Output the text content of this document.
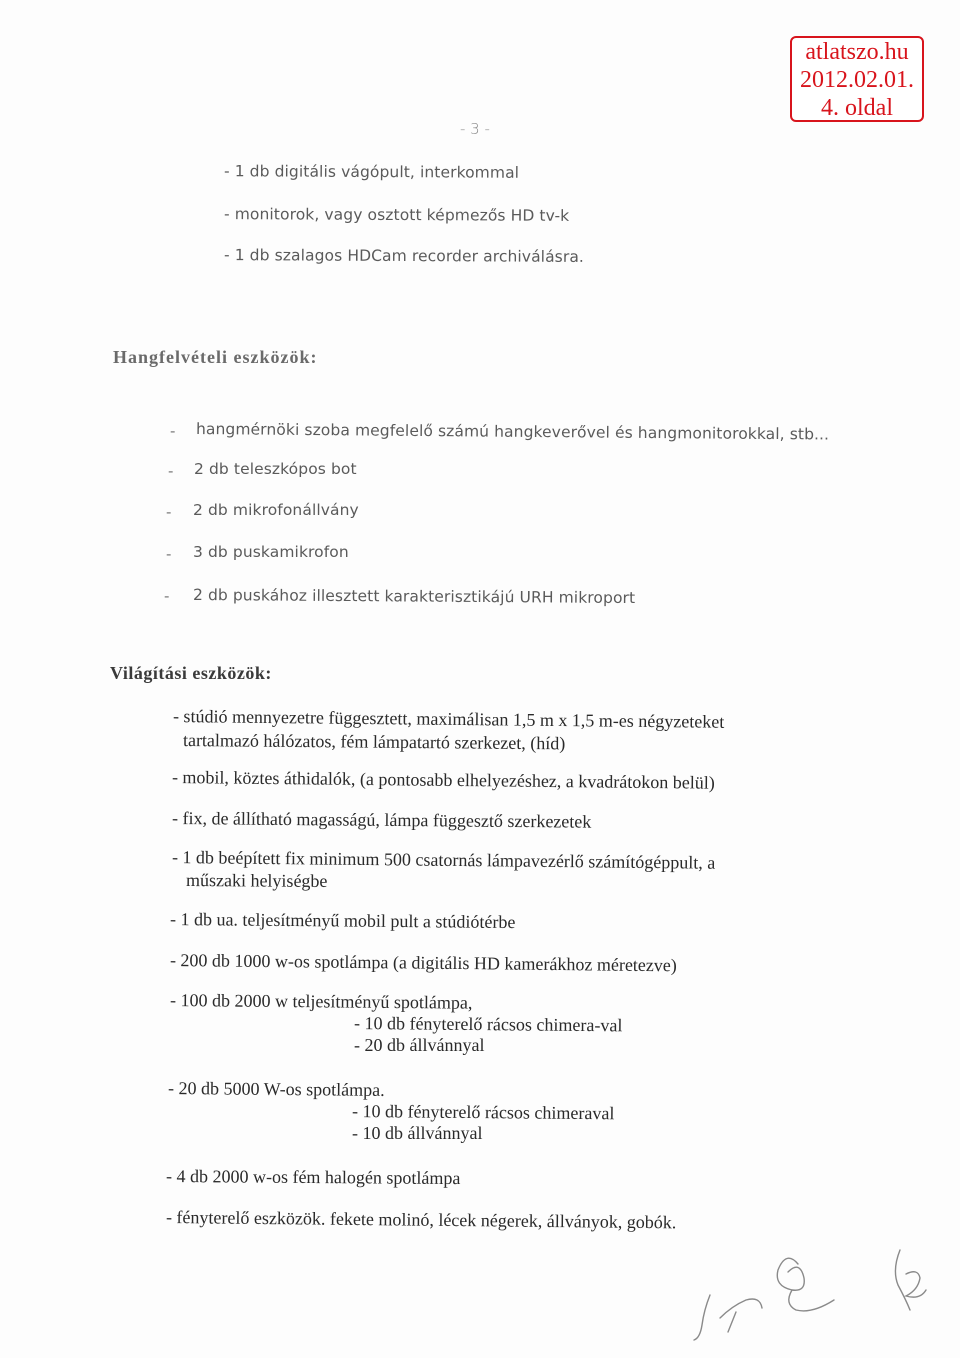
atlatszo.hu
2012.02.01.
4. oldal
- 3 -
- 1 db digitális vágópult, interkommal
- monitorok, vagy osztott képmezős HD tv-k
- 1 db szalagos HDCam recorder archiválásra.
Hangfelvételi eszközök:
- hangmérnöki szoba megfelelő számú hangkeverővel és hangmonitorokkal, stb...
- 2 db teleszkópos bot
- 2 db mikrofonállvány
- 3 db puskamikrofon
- 2 db puskához illesztett karakterisztikájú URH mikroport
Világítási eszközök:
- stúdió mennyezetre függesztett, maximálisan 1,5 m x 1,5 m-es négyzeteket
tartalmazó hálózatos, fém lámpatartó szerkezet, (híd)
- mobil, köztes áthidalók, (a pontosabb elhelyezéshez, a kvadrátokon belül)
- fix, de állítható magasságú, lámpa függesztő szerkezetek
- 1 db beépített fix minimum 500 csatornás lámpavezérlő számítógéppult, a
műszaki helyiségbe
- 1 db ua. teljesítményű mobil pult a stúdiótérbe
- 200 db 1000 w-os spotlámpa (a digitális HD kamerákhoz méretezve)
- 100 db 2000 w teljesítményű spotlámpa,
- 10 db fényterelő rácsos chimera-val
- 20 db állvánnyal
- 20 db 5000 W-os spotlámpa.
- 10 db fényterelő rácsos chimeraval
- 10 db állvánnyal
- 4 db 2000 w-os fém halogén spotlámpa
- fényterelő eszközök. fekete molinó, lécek négerek, állványok, gobók.
